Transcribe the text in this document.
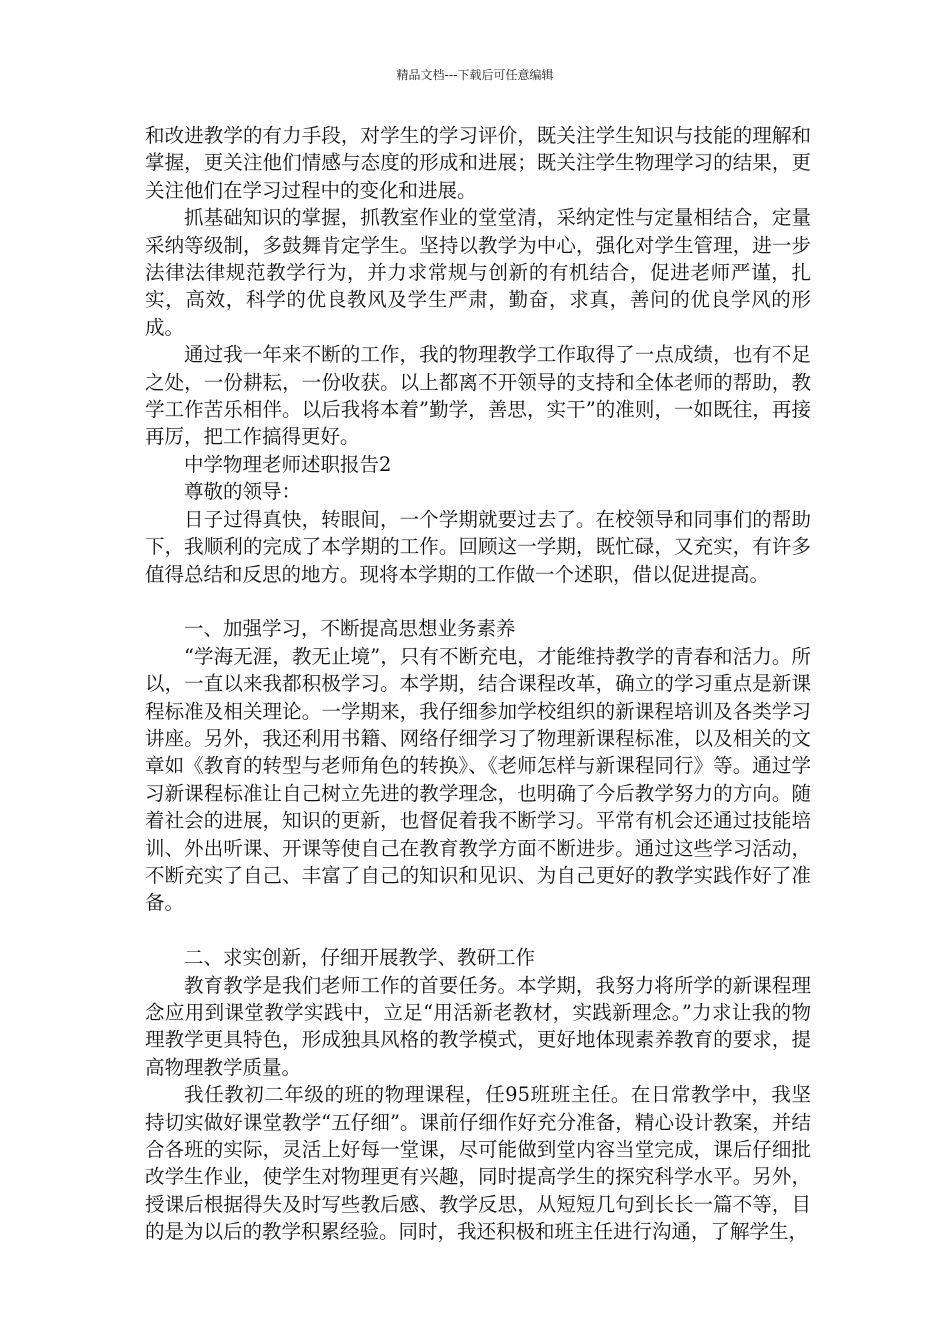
精品文档---下载后可任意编辑

和改进教学的有力手段，对学生的学习评价，既关注学生知识与技能的理解和掌握，更关注他们情感与态度的形成和进展；既关注学生物理学习的结果，更关注他们在学习过程中的变化和进展。

抓基础知识的掌握，抓教室作业的堂堂清，采纳定性与定量相结合，定量采纳等级制，多鼓舞肯定学生。坚持以教学为中心，强化对学生管理，进一步法律法律规范教学行为，并力求常规与创新的有机结合，促进老师严谨，扎实，高效，科学的优良教风及学生严肃，勤奋，求真，善问的优良学风的形成。

通过我一年来不断的工作，我的物理教学工作取得了一点成绩，也有不足之处，一份耕耘，一份收获。以上都离不开领导的支持和全体老师的帮助，教学工作苦乐相伴。以后我将本着”勤学，善思，实干”的准则，一如既往，再接再厉，把工作搞得更好。

中学物理老师述职报告2

尊敬的领导：

日子过得真快，转眼间，一个学期就要过去了。在校领导和同事们的帮助下，我顺利的完成了本学期的工作。回顾这一学期，既忙碌，又充实，有许多值得总结和反思的地方。现将本学期的工作做一个述职，借以促进提高。

一、加强学习，不断提高思想业务素养

“学海无涯，教无止境”，只有不断充电，才能维持教学的青春和活力。所以，一直以来我都积极学习。本学期，结合课程改革，确立的学习重点是新课程标准及相关理论。一学期来，我仔细参加学校组织的新课程培训及各类学习讲座。另外，我还利用书籍、网络仔细学习了物理新课程标准，以及相关的文章如《教育的转型与老师角色的转换》、《老师怎样与新课程同行》等。通过学习新课程标准让自己树立先进的教学理念，也明确了今后教学努力的方向。随着社会的进展，知识的更新，也督促着我不断学习。平常有机会还通过技能培训、外出听课、开课等使自己在教育教学方面不断进步。通过这些学习活动，不断充实了自己、丰富了自己的知识和见识、为自己更好的教学实践作好了准备。

二、求实创新，仔细开展教学、教研工作

教育教学是我们老师工作的首要任务。本学期，我努力将所学的新课程理念应用到课堂教学实践中，立足“用活新老教材，实践新理念。”力求让我的物理教学更具特色，形成独具风格的教学模式，更好地体现素养教育的要求，提高物理教学质量。

我任教初二年级的班的物理课程，任95班班主任。在日常教学中，我坚持切实做好课堂教学“五仔细”。课前仔细作好充分准备，精心设计教案，并结合各班的实际，灵活上好每一堂课，尽可能做到堂内容当堂完成，课后仔细批改学生作业，使学生对物理更有兴趣，同时提高学生的探究科学水平。另外，授课后根据得失及时写些教后感、教学反思，从短短几句到长长一篇不等，目的是为以后的教学积累经验。同时，我还积极和班主任进行沟通，了解学生，
